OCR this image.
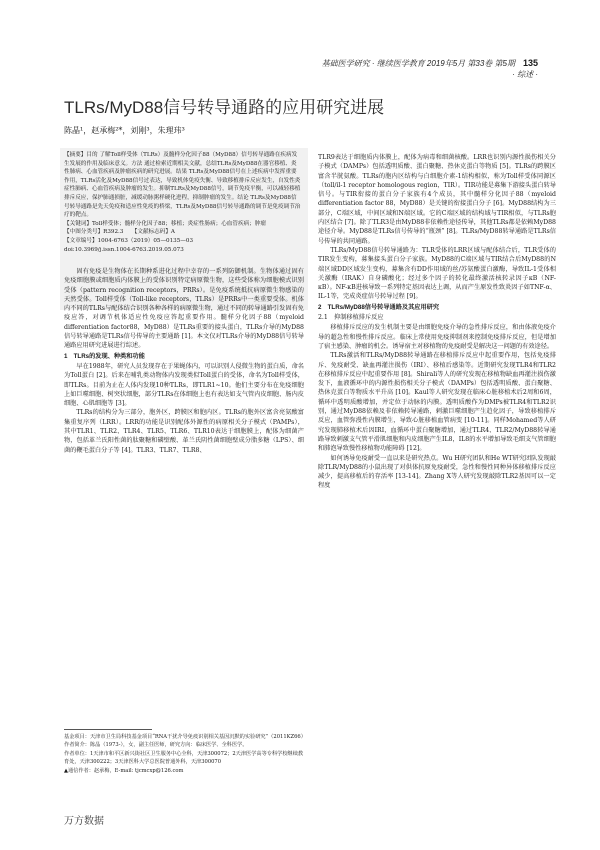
基础医学研究 · 继续医学教育 2019年5月 第33卷 第5期 135
· 综述 ·
TLRs/MyD88信号转导通路的应用研究进展
陈晶¹，赵承梅²*，刘刚³，朱理玮³

【摘要】目的 了解Toll样受体（TLRs）及髓样分化因子88（MyD88）信号转导通路在疾病发生发展的作用及临床意义。方法 通过检索近期相关文献，总结TLRs及MyD88在器官移植、炎性肺病、心血管疾病及肿瘤疾病的研究进展。结果 TLRs及MyD88信号在上述疾病中发挥重要作用，TLRs活化及MyD88信号过表达，导致机体免疫失衡、导致移植排斥反应发生，自发性炎症性肺病、心血管疾病及肿瘤的发生。抑制TLRs及MyD88信号，调节免疫平衡，可以减轻移植排斥反应，保护肺通损脏，减缓动脉粥样硬化进程，抑制肿瘤的发生。结论 TLRs及MyD88信号转导通路是先天免疫和适应性免疫的桥梁，TLRs及MyD88信号转导通路的调节是免疫调节治疗的靶点。

【关键词】Toll样受体；髓样分化因子88；移植；炎症性肠病；心血管疾病；肿瘤

【中图分类号】R392.3　　【文献标志码】A

【文章编号】1004-6763（2019）05—0135—03

doi:10.3969/j.issn.1004-6763.2019.05.073

固有免疫是生物体在长期种系进化过程中幸存的一系列防御机制。生物体通过固有免疫细胞膜或细胞质内体膜上的受体识别特定病原微生物，这些受体称为细胞模式识别受体（pattern recognition receptors，PRRs）。是免疫系统抵抗病原微生物感染的天然受体。Toll样受体（Toll-like receptors，TLRs）是PRRs中一类重要受体。机体内不同的TLRs与配体结合识别各种各样的病原微生物，通过不同的转导通路引发固有免疫应答，对调节机体适应性免疫应答起重要作用。髓样分化因子88（myeloid differentiation factor88，MyD88）是TLRs重要的接头蛋白，TLRs介导的MyD88信号转导通路是TLRs信号传导的主要通路 [1]。本文仅对TLRs介导的MyD88信号转导通路应用研究进展进行综述。

1　TLRs的发现、种类和功能

早在1988年，研究人员发现存在于果蝇体内，可以识别人侵微生物的蛋白质，命名为Toll蛋白 [2]。后来在哺乳类动物体内发现类似Toll蛋白的受体，命名为Toll样受体，即TLRs。目前为止在人体内发现10种TLRs，即TLR1~10。他们主要分布在免疫细胞上如巨噬细胞、树突状细胞，部分TLRs在体细胞上也有表达如支气管内皮细胞、肠内皮细胞、心肌细胞等 [3]。

TLRs的结构分为三部分，胞外区，跨膜区和胞内区。TLRs的胞外区富含亮氨酸富集重复序列（LRR）。LRR的功能是识别配体外源性的病原相关分子模式（PAMPs），其中TLR1、TLR2、TLR4、TLR5、TLR6、TLR10表达于细胞膜上，配体为细菌产物，包括革兰氏阳性菌的肽聚糖和磷壁酸、革兰氏阴性菌细胞壁成分脂多糖（LPS）、细菌的鞭毛蛋白分子等 [4]。TLR3、TLR7、TLR8、

TLR9表达于细胞质内体膜上，配体为病毒和细菌核酸。LRR也识别内源性损伤相关分子模式（DAMPs）包括透明质酸、蛋白聚糖、热休克蛋白等物质 [5]。TLRs的跨膜区富含半胱氨酸。TLRs的胞内区结构与白细胞介素-1结构相似，称为Toll样受体同源区（toll/il-1 receptor homologous region，TIR）。TIR功能是募集下游接头蛋白转导信号。与TIR衔接的蛋白分子家族有4个成员，其中髓样分化因子88（myeloid differentiation factor 88，MyD88）是关键的衔接蛋白分子 [6]。MyD88结构为三部分，C端区域，中间区域和N端区域。它的C端区域的结构域与TIR相似，与TLRs胞内区结合 [7]。除了TLR3是由MyD88非依赖性途径传导，其他TLRs都是依赖MyD88途径介导。MyD88是TLRs信号传导的“瓶颈” [8]。TLRs/MyD88转导通路是TLRs信号传导的共同通路。

TLRs/MyD88信号转导通路为：TLR受体的LRR区域与配体结合后，TLR受体的TIR发生变构，募集接头蛋白分子家族。MyD88的C端区域与TIR结合后MyD88的N端区域DD区域发生变构，募集含有DD作用域的丝/苏氨酸蛋白激酶，导致IL-1受体相关激酶（IRAK）自身磷酸化；经过多个因子的转化最终激活核转录因子κB（NF-κB）。NF-κB进核导致一系列特定基因表达上调，从而产生原发性致炎因子如TNF-α、IL-1等，完成炎症信号转导过程 [9]。

2　TLRs/MyD88信号转导通路及其应用研究

2.1　抑制移植排斥反应

移植排斥反应的发生机制主要是由细胞免疫介导的急性排斥反应，和由体液免疫介导的超急性和慢性排斥反应。临床上常使用免疫抑制剂来控制免疫排斥反应，但是增加了宿主感染、肿瘤的机会。诱导宿主对移植物的免疫耐受是解决这一问题的有效途径。

TLRs激活和TLRs/MyD88转导通路在移植排斥反应中起重要作用，包括免疫排斥、免疫耐受、缺血再灌注损伤（IRI）、移植后感染等。近期研究发现TLR4和TLR2在移植排斥反应中起重要作用 [8]。Shirali等人的研究发现在移植物缺血再灌注损伤激发下，血液循环中的内源性损伤相关分子模式（DAMPs）包括透明质酸、蛋白聚糖、热休克蛋白等物质水平升高 [10]。Kaul等人研究发现在临床心脏移植术后2周和6周，循环中透明质酸增加，并定位于动脉的内膜。透明质酸作为DMPs被TLR4和TLR2识别，通过MyD88依赖及非依赖转导通路，刺激巨噬细胞产生趋化因子，导致移植排斥反应，血管弥漫性内膜增生，导致心脏移植血管病变 [10-11]。同样Mohamed等人研究发现肺移植术后因IRI，血循环中蛋白聚糖增加，通过TLR4、TLR2/MyD88转导通路导致刺激支气管平滑肌细胞和内皮细胞产生IL8，IL8的水平增加导致毛细支气管细胞和肺泡导致慢性移植物功能障碍 [12]。

如何诱导免疫耐受一直以来是研究热点。Wu H研究团队和He WT研究团队发现敲除TLR/MyD88的小鼠出现了对供体抗原免疫耐受，急性和慢性同种异体移植排斥反应减少，提高移植后的存活率 [13-14]。Zhang X等人研究发现敲除TLR2基因可以一定程度

基金项目：天津市卫生局科技基金项目“RNA干扰介导免疫识别相关基因沉默的实验研究”（2011KZ66）

作者简介：陈晶（1973-），女，副主任医师，研究方向：临床医学、全科医学。

作者单位：1天津市和平区新兴街社区卫生服务中心全科，天津300072；2天津医学高等专科学校继续教育处，天津300222；3天津医科大学总医院普通外科，天津300070

▲通信作者：赵承梅，E-mail: tjcmcxp@126.com

万方数据
